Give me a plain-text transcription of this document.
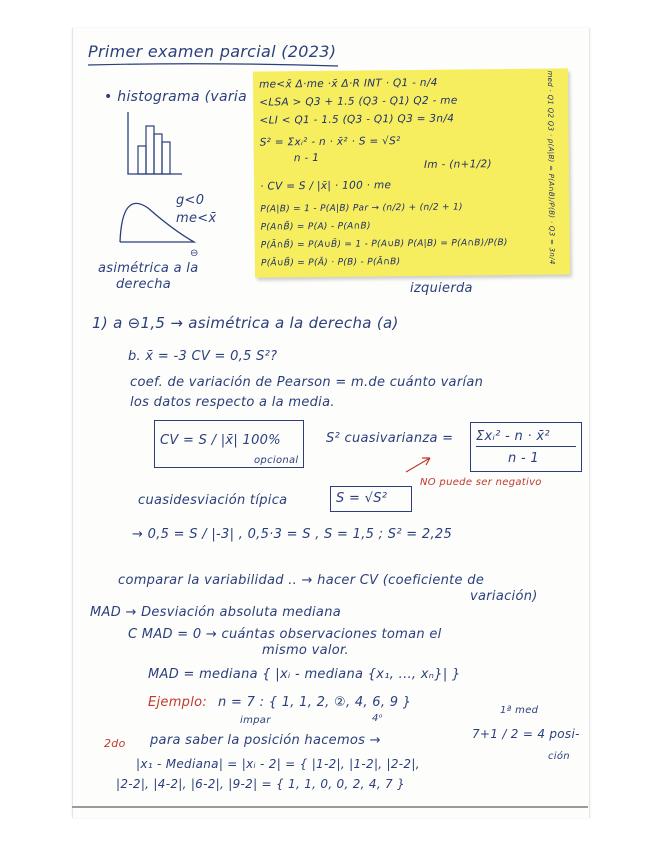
Primer examen parcial (2023)
• histograma (varia
g<0
me<x̄
⊖
asimétrica a la
derecha	izquierda
me<x̄ Δ·me ·x̄ Δ·R INT · Q1 - n/4
<LSA > Q3 + 1.5 (Q3 - Q1) Q2 - me
<LI < Q1 - 1.5 (Q3 - Q1) Q3 = 3n/4
S² = Σxᵢ² - n · x̄² · S = √S²
n - 1
Im - (n+1/2)
· CV = S / |x̄| · 100 · me
P(A|B) = 1 - P(A|B) Par → (n/2) + (n/2 + 1)
P(A∩B̄) = P(A) - P(A∩B)
P(Ā∩B̄) = P(A∪B̄) = 1 - P(A∪B) P(A|B) = P(A∩B)/P(B)
P(Ā∪B̄) = P(Ā) · P(B) - P(Ā∩B)	med · Q1 Q2 Q3 · p(A|B) = P(A∩B)/P(B) · Q3 = 3n/4
1) a ⊖1,5 → asimétrica a la derecha (a)
b. x̄ = -3 CV = 0,5 S²?
coef. de variación de Pearson = m.de cuánto varían
los datos respecto a la media.
CV = S / |x̄| 100%
opcional
S² cuasivarianza = Σxᵢ² - n · x̄²
n - 1
NO puede ser negativo
cuasidesviación típica	S = √S²
→ 0,5 = S / |-3| , 0,5·3 = S , S = 1,5 ; S² = 2,25
comparar la variabilidad .. → hacer CV (coeficiente de
variación)
MAD → Desviación absoluta mediana
C MAD = 0 → cuántas observaciones toman el
mismo valor.
MAD = mediana { |xᵢ - mediana {x₁, ..., xₙ}| }
Ejemplo: n = 7 : { 1, 1, 2, ②, 4, 6, 9 }
impar	4ᵒ
1ª med
2do para saber la posición hacemos →	7+1 / 2 = 4 posi-
ción
|x₁ - Mediana| = |xᵢ - 2| = { |1-2|, |1-2|, |2-2|,
|2-2|, |4-2|, |6-2|, |9-2| = { 1, 1, 0, 0, 2, 4, 7 }
